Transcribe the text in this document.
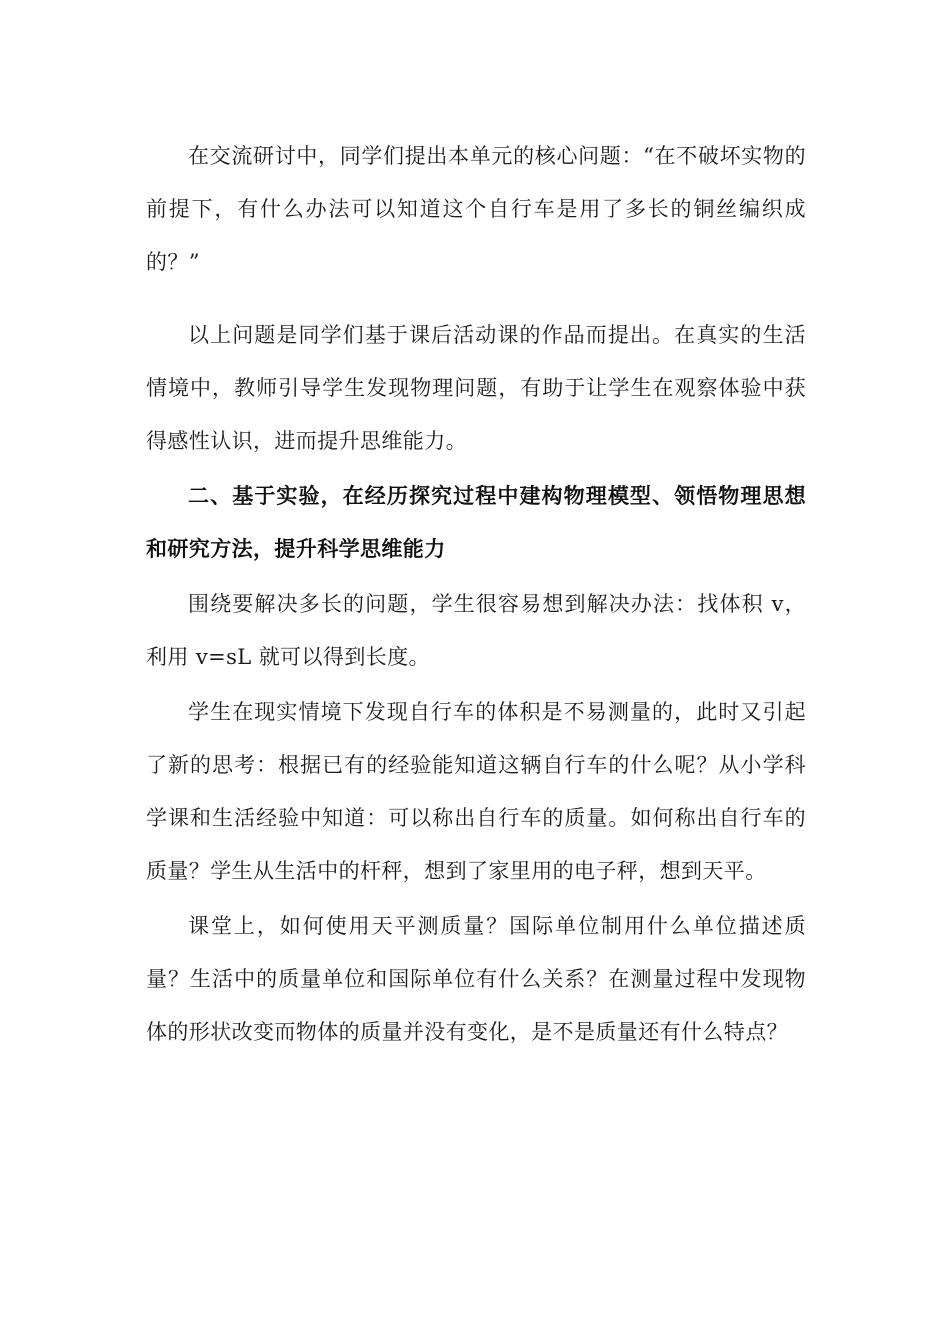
在交流研讨中，同学们提出本单元的核心问题：“在不破坏实物的前提下，有什么办法可以知道这个自行车是用了多长的铜丝编织成的？”

以上问题是同学们基于课后活动课的作品而提出。在真实的生活情境中，教师引导学生发现物理问题，有助于让学生在观察体验中获得感性认识，进而提升思维能力。

二、基于实验，在经历探究过程中建构物理模型、领悟物理思想和研究方法，提升科学思维能力

围绕要解决多长的问题，学生很容易想到解决办法：找体积 v，利用 v=sL 就可以得到长度。

学生在现实情境下发现自行车的体积是不易测量的，此时又引起了新的思考：根据已有的经验能知道这辆自行车的什么呢？从小学科学课和生活经验中知道：可以称出自行车的质量。如何称出自行车的质量？学生从生活中的杆秤，想到了家里用的电子秤，想到天平。

课堂上，如何使用天平测质量？国际单位制用什么单位描述质量？生活中的质量单位和国际单位有什么关系？在测量过程中发现物体的形状改变而物体的质量并没有变化，是不是质量还有什么特点？
